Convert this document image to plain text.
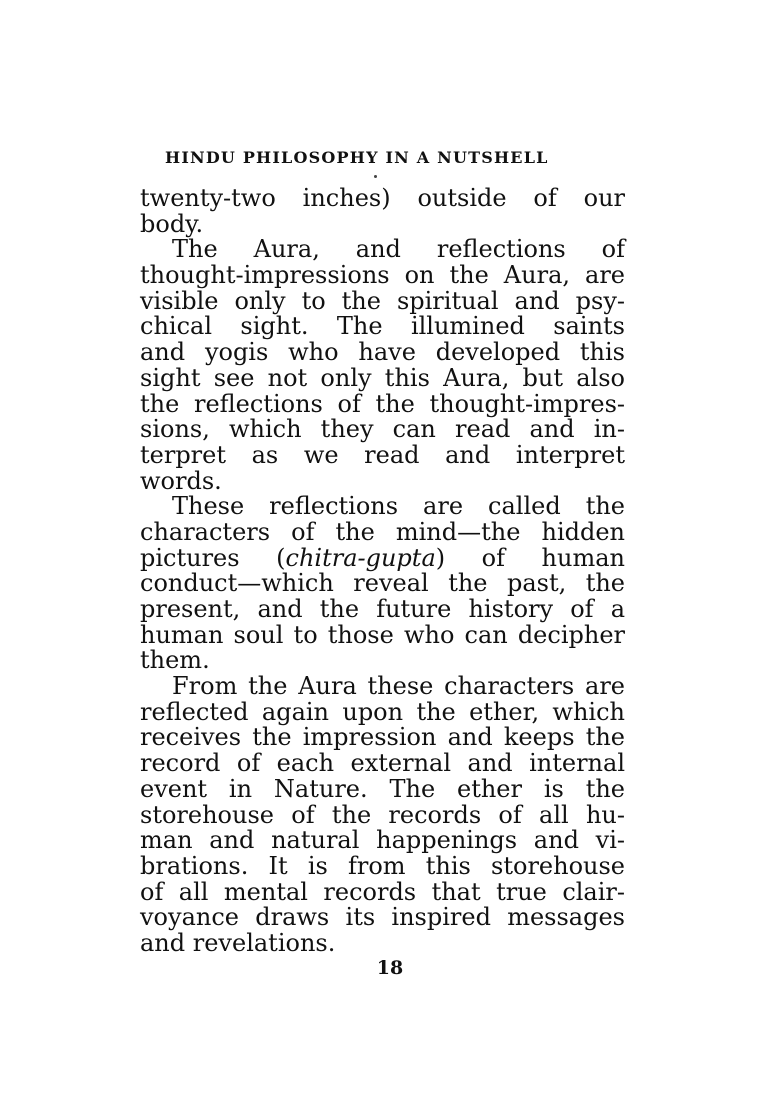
HINDU PHILOSOPHY IN A NUTSHELL
twenty-two inches) outside of our
body.
The Aura, and reflections of
thought-impressions on the Aura, are
visible only to the spiritual and psy-
chical sight. The illumined saints
and yogis who have developed this
sight see not only this Aura, but also
the reflections of the thought-impres-
sions, which they can read and in-
terpret as we read and interpret
words.
These reflections are called the
characters of the mind—the hidden
pictures (chitra-gupta) of human
conduct—which reveal the past, the
present, and the future history of a
human soul to those who can decipher
them.
From the Aura these characters are
reflected again upon the ether, which
receives the impression and keeps the
record of each external and internal
event in Nature. The ether is the
storehouse of the records of all hu-
man and natural happenings and vi-
brations. It is from this storehouse
of all mental records that true clair-
voyance draws its inspired messages
and revelations.
18
